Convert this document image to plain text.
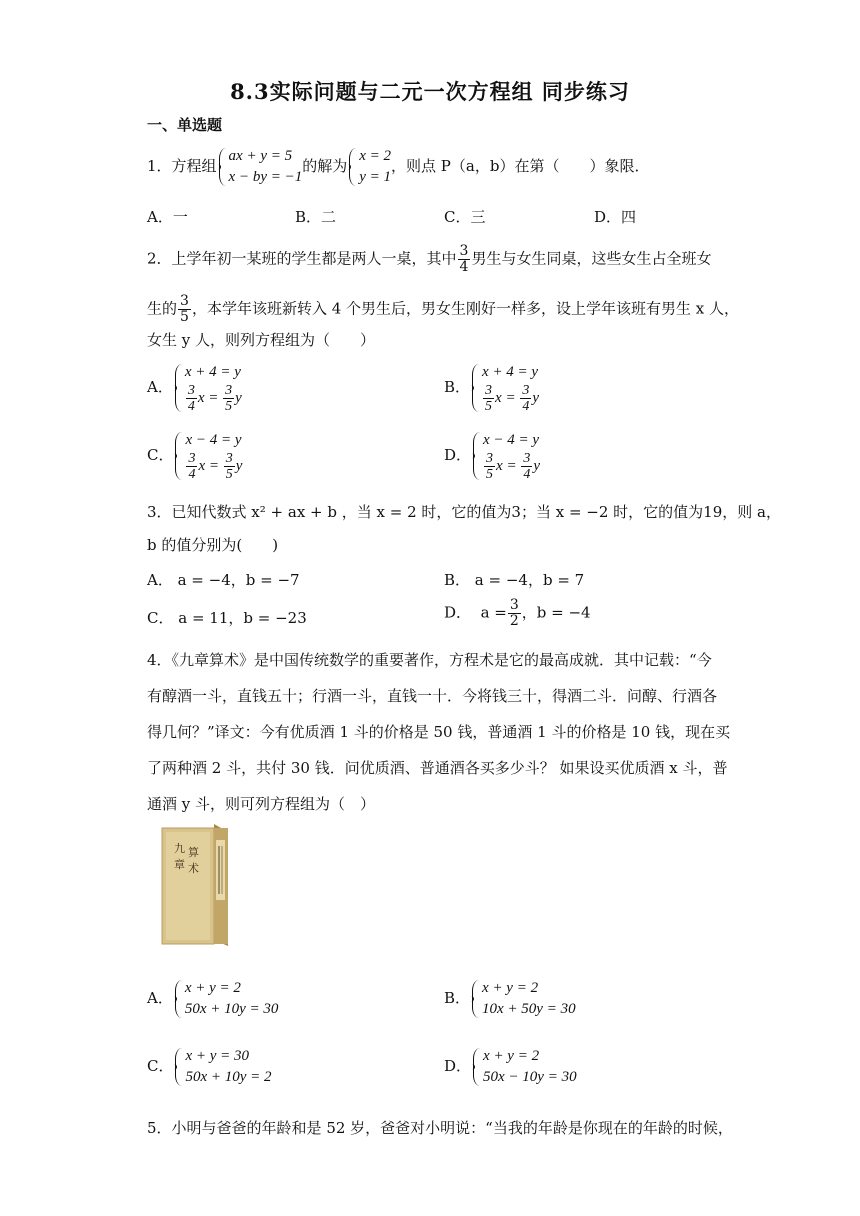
8.3实际问题与二元一次方程组 同步练习
一、单选题
1．方程组
ax + y = 5
x − by = −1
的解为
x = 2
y = 1
，则点 P（a，b）在第（　　）象限．
A．一	B．二	C．三	D．四
2．上学年初一某班的学生都是两人一桌，其中 $\frac{3}{4}$ 男生与女生同桌，这些女生占全班女
生的 $\frac{3}{5}$ ，本学年该班新转入 4 个男生后，男女生刚好一样多，设上学年该班有男生 x 人，
女生 y 人，则列方程组为（　　）
A．
x + 4 = y
$\frac{3}{4}$ $x = \frac{3}{5}$ y
B．
x + 4 = y
$\frac{3}{5}$ $x = \frac{3}{4}$ y
C．
x − 4 = y
$\frac{3}{4}$ $x = \frac{3}{5}$ y
D．
x − 4 = y
$\frac{3}{5}$ $x = \frac{3}{4}$ y
3．已知代数式 x² + ax + b ，当 x = 2 时，它的值为3；当 x = −2 时，它的值为19，则 a，
b 的值分别为(　　)
A． a = −4，b = −7	B． a = −4，b = 7
C． a = 11，b = −23	D． $a = \frac{3}{2}$ ，b = −4
4．《九章算术》是中国传统数学的重要著作，方程术是它的最高成就．其中记载：“今
有醇酒一斗，直钱五十；行酒一斗，直钱一十．今将钱三十，得酒二斗．问醇、行酒各
得几何？”译文：今有优质酒 1 斗的价格是 50 钱，普通酒 1 斗的价格是 10 钱，现在买
了两种酒 2 斗，共付 30 钱．问优质酒、普通酒各买多少斗？ 如果设买优质酒 x 斗，普
通酒 y 斗，则可列方程组为（　）
九
章
算
术
A．
x + y = 2
50x + 10y = 30
B．
x + y = 2
10x + 50y = 30
C．
x + y = 30
50x + 10y = 2
D．
x + y = 2
50x − 10y = 30
5．小明与爸爸的年龄和是 52 岁，爸爸对小明说：“当我的年龄是你现在的年龄的时候，
